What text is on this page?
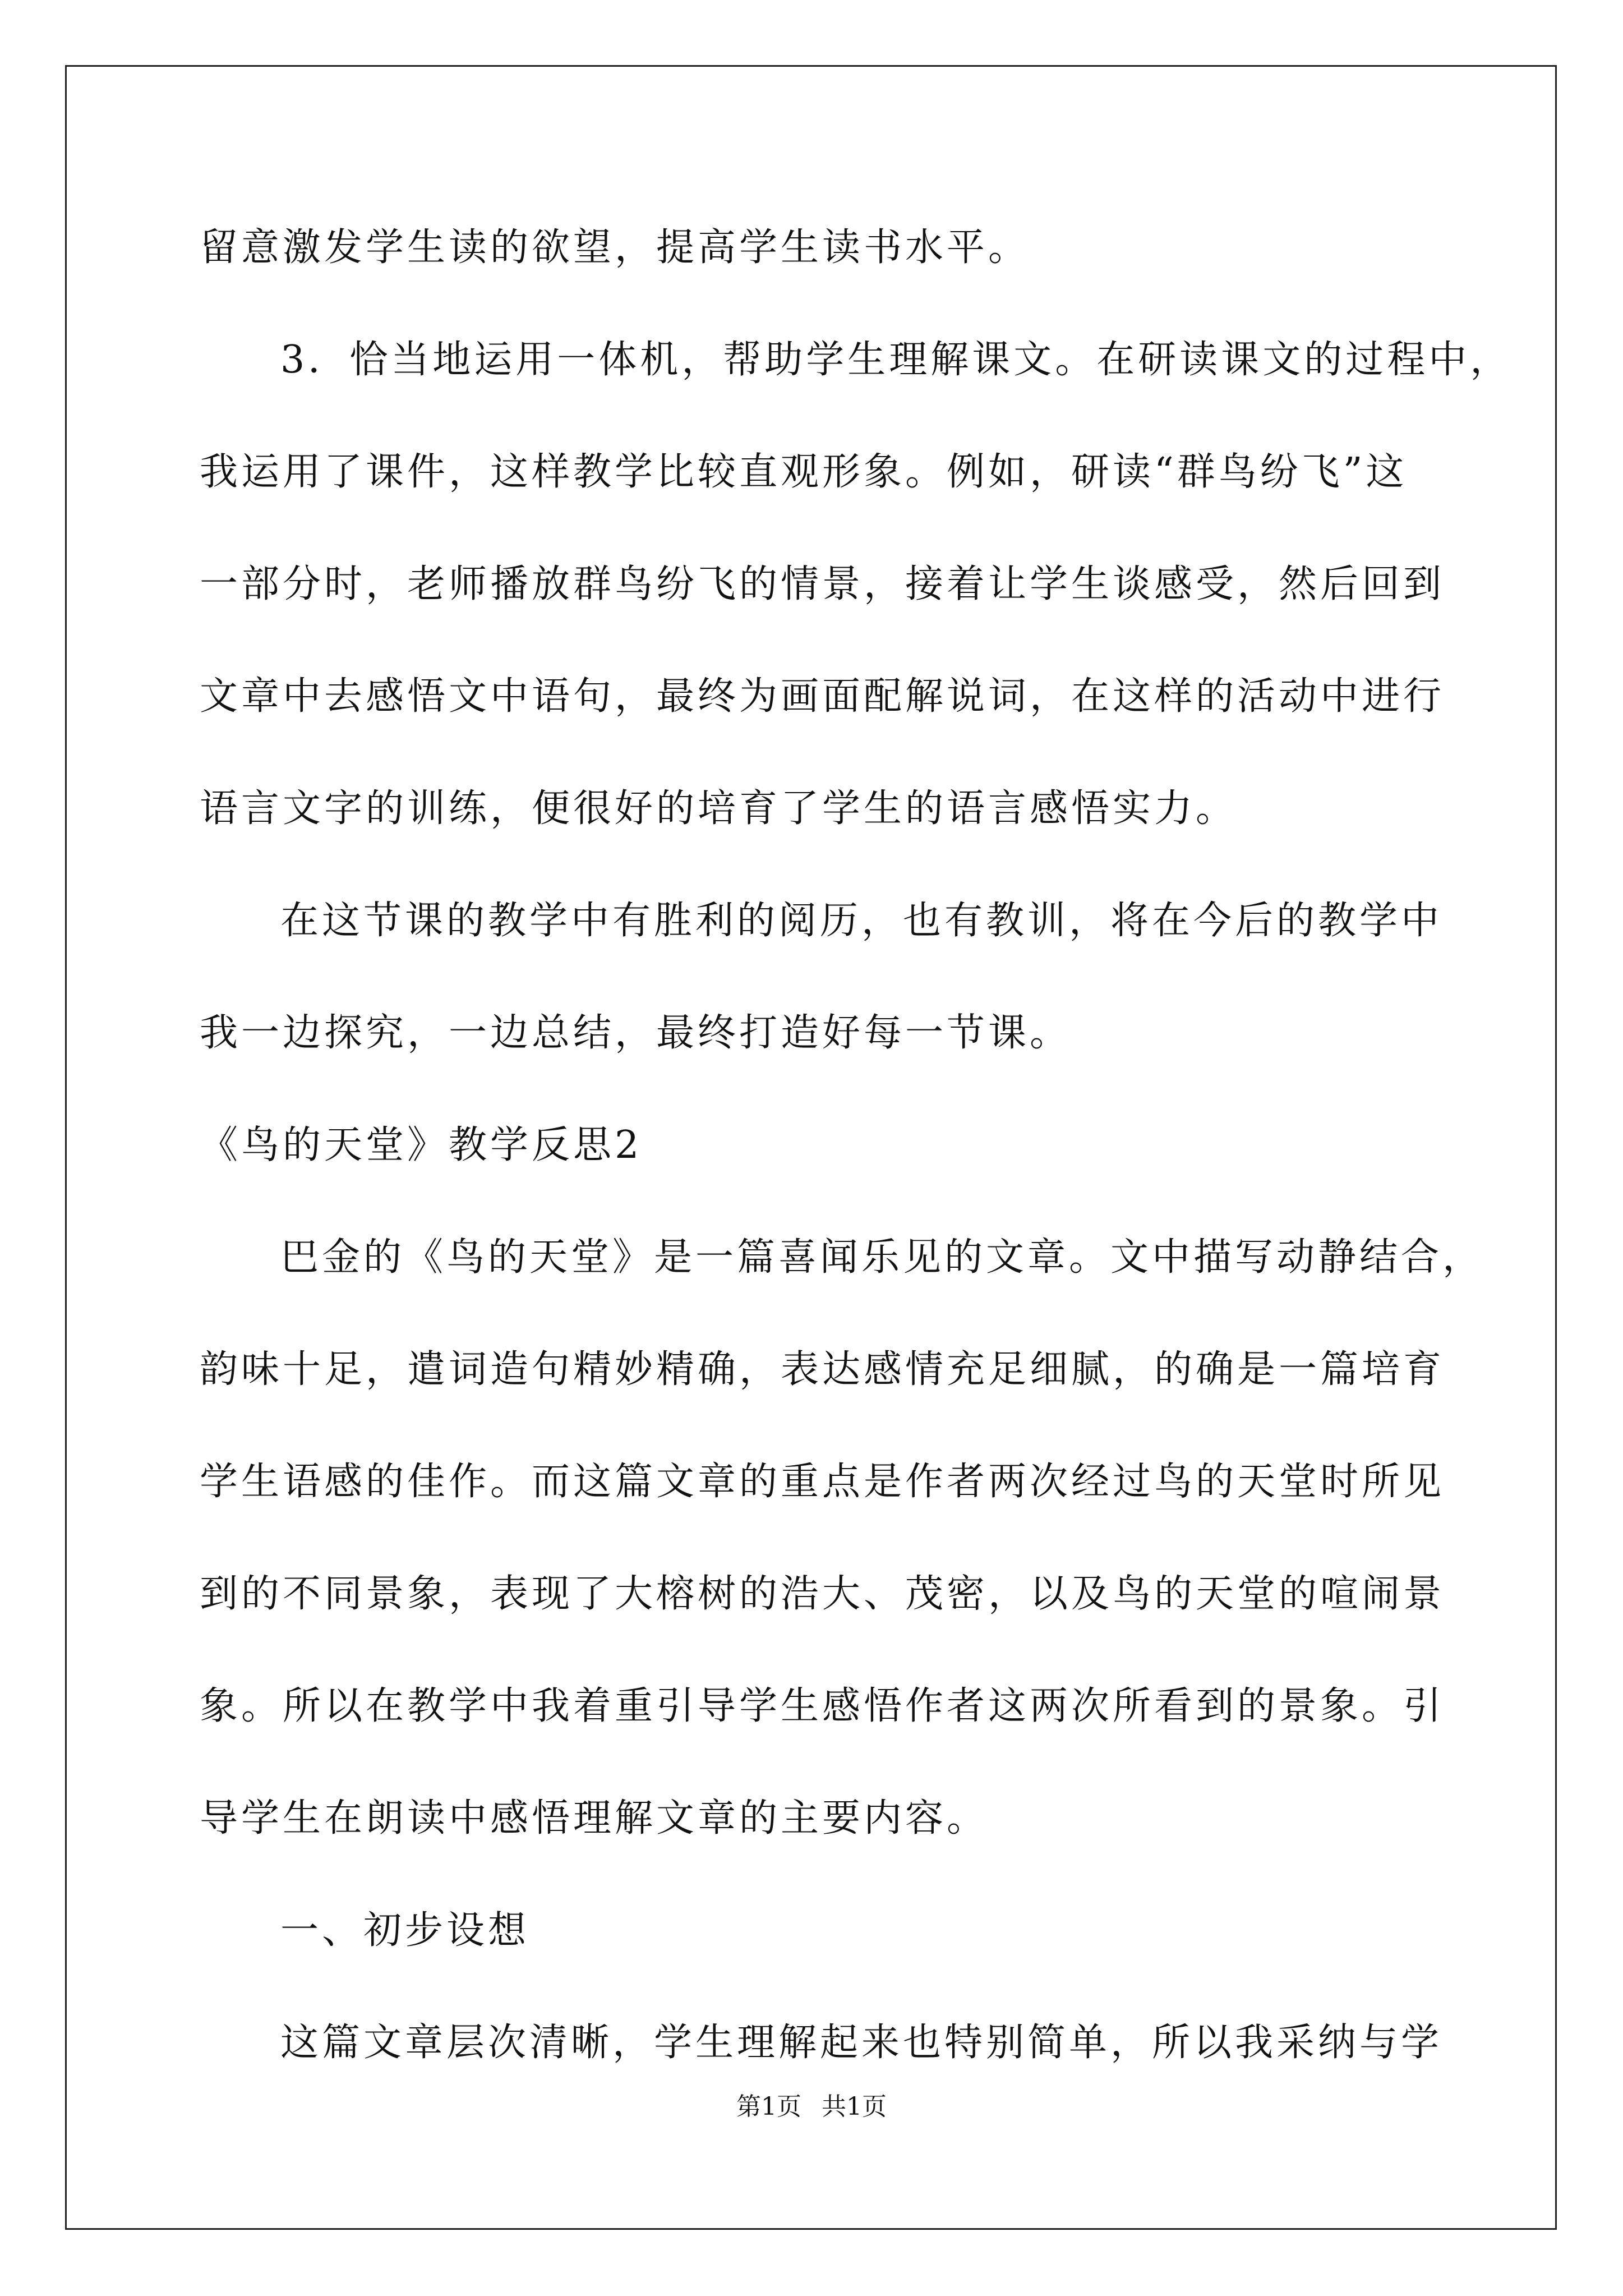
留意激发学生读的欲望，提高学生读书水平。
3．恰当地运用一体机，帮助学生理解课文。在研读课文的过程中，
我运用了课件，这样教学比较直观形象。例如，研读“群鸟纷飞”这
一部分时，老师播放群鸟纷飞的情景，接着让学生谈感受，然后回到
文章中去感悟文中语句，最终为画面配解说词，在这样的活动中进行
语言文字的训练，便很好的培育了学生的语言感悟实力。
在这节课的教学中有胜利的阅历，也有教训，将在今后的教学中
我一边探究，一边总结，最终打造好每一节课。
《鸟的天堂》教学反思2
巴金的《鸟的天堂》是一篇喜闻乐见的文章。文中描写动静结合，
韵味十足，遣词造句精妙精确，表达感情充足细腻，的确是一篇培育
学生语感的佳作。而这篇文章的重点是作者两次经过鸟的天堂时所见
到的不同景象，表现了大榕树的浩大、茂密，以及鸟的天堂的喧闹景
象。所以在教学中我着重引导学生感悟作者这两次所看到的景象。引
导学生在朗读中感悟理解文章的主要内容。
一、初步设想
这篇文章层次清晰，学生理解起来也特别简单，所以我采纳与学
第1页 共1页
